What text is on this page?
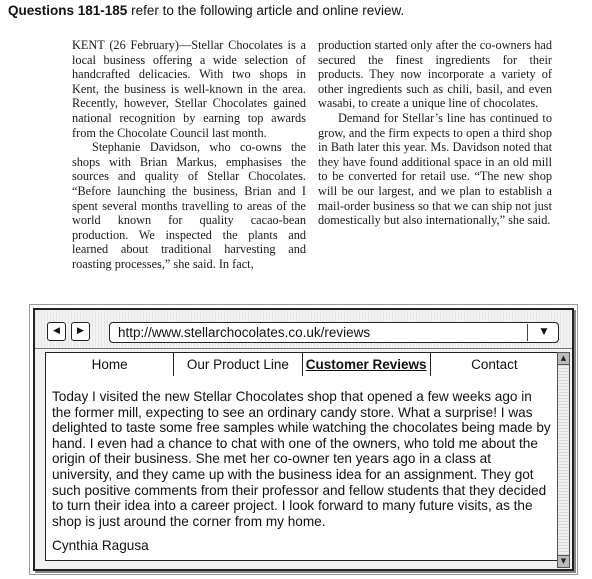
Questions 181-185 refer to the following article and online review.

KENT (26 February)—Stellar Chocolates is a local business offering a wide selection of handcrafted delicacies. With two shops in Kent, the business is well-known in the area. Recently, however, Stellar Chocolates gained national recognition by earning top awards from the Chocolate Council last month.

Stephanie Davidson, who co-owns the shops with Brian Markus, emphasises the sources and quality of Stellar Chocolates. “Before launching the business, Brian and I spent several months travelling to areas of the world known for quality cacao-bean production. We inspected the plants and learned about traditional harvesting and roasting processes,” she said. In fact,

production started only after the co-owners had secured the finest ingredients for their products. They now incorporate a variety of other ingredients such as chili, basil, and even wasabi, to create a unique line of chocolates.

Demand for Stellar’s line has continued to grow, and the firm expects to open a third shop in Bath later this year. Ms. Davidson noted that they have found additional space in an old mill to be converted for retail use. “The new shop will be our largest, and we plan to establish a mail-order business so that we can ship not just domestically but also internationally,” she said.

◀	▶	http://www.stellarchocolates.co.uk/reviews	▼
Home	Our Product Line	Customer Reviews	Contact

Today I visited the new Stellar Chocolates shop that opened a few weeks ago in the former mill, expecting to see an ordinary candy store. What a surprise! I was delighted to taste some free samples while watching the chocolates being made by hand. I even had a chance to chat with one of the owners, who told me about the origin of their business. She met her co-owner ten years ago in a class at university, and they came up with the business idea for an assignment. They got such positive comments from their professor and fellow students that they decided to turn their idea into a career project. I look forward to many future visits, as the shop is just around the corner from my home.

Cynthia Ragusa

▲
▼
